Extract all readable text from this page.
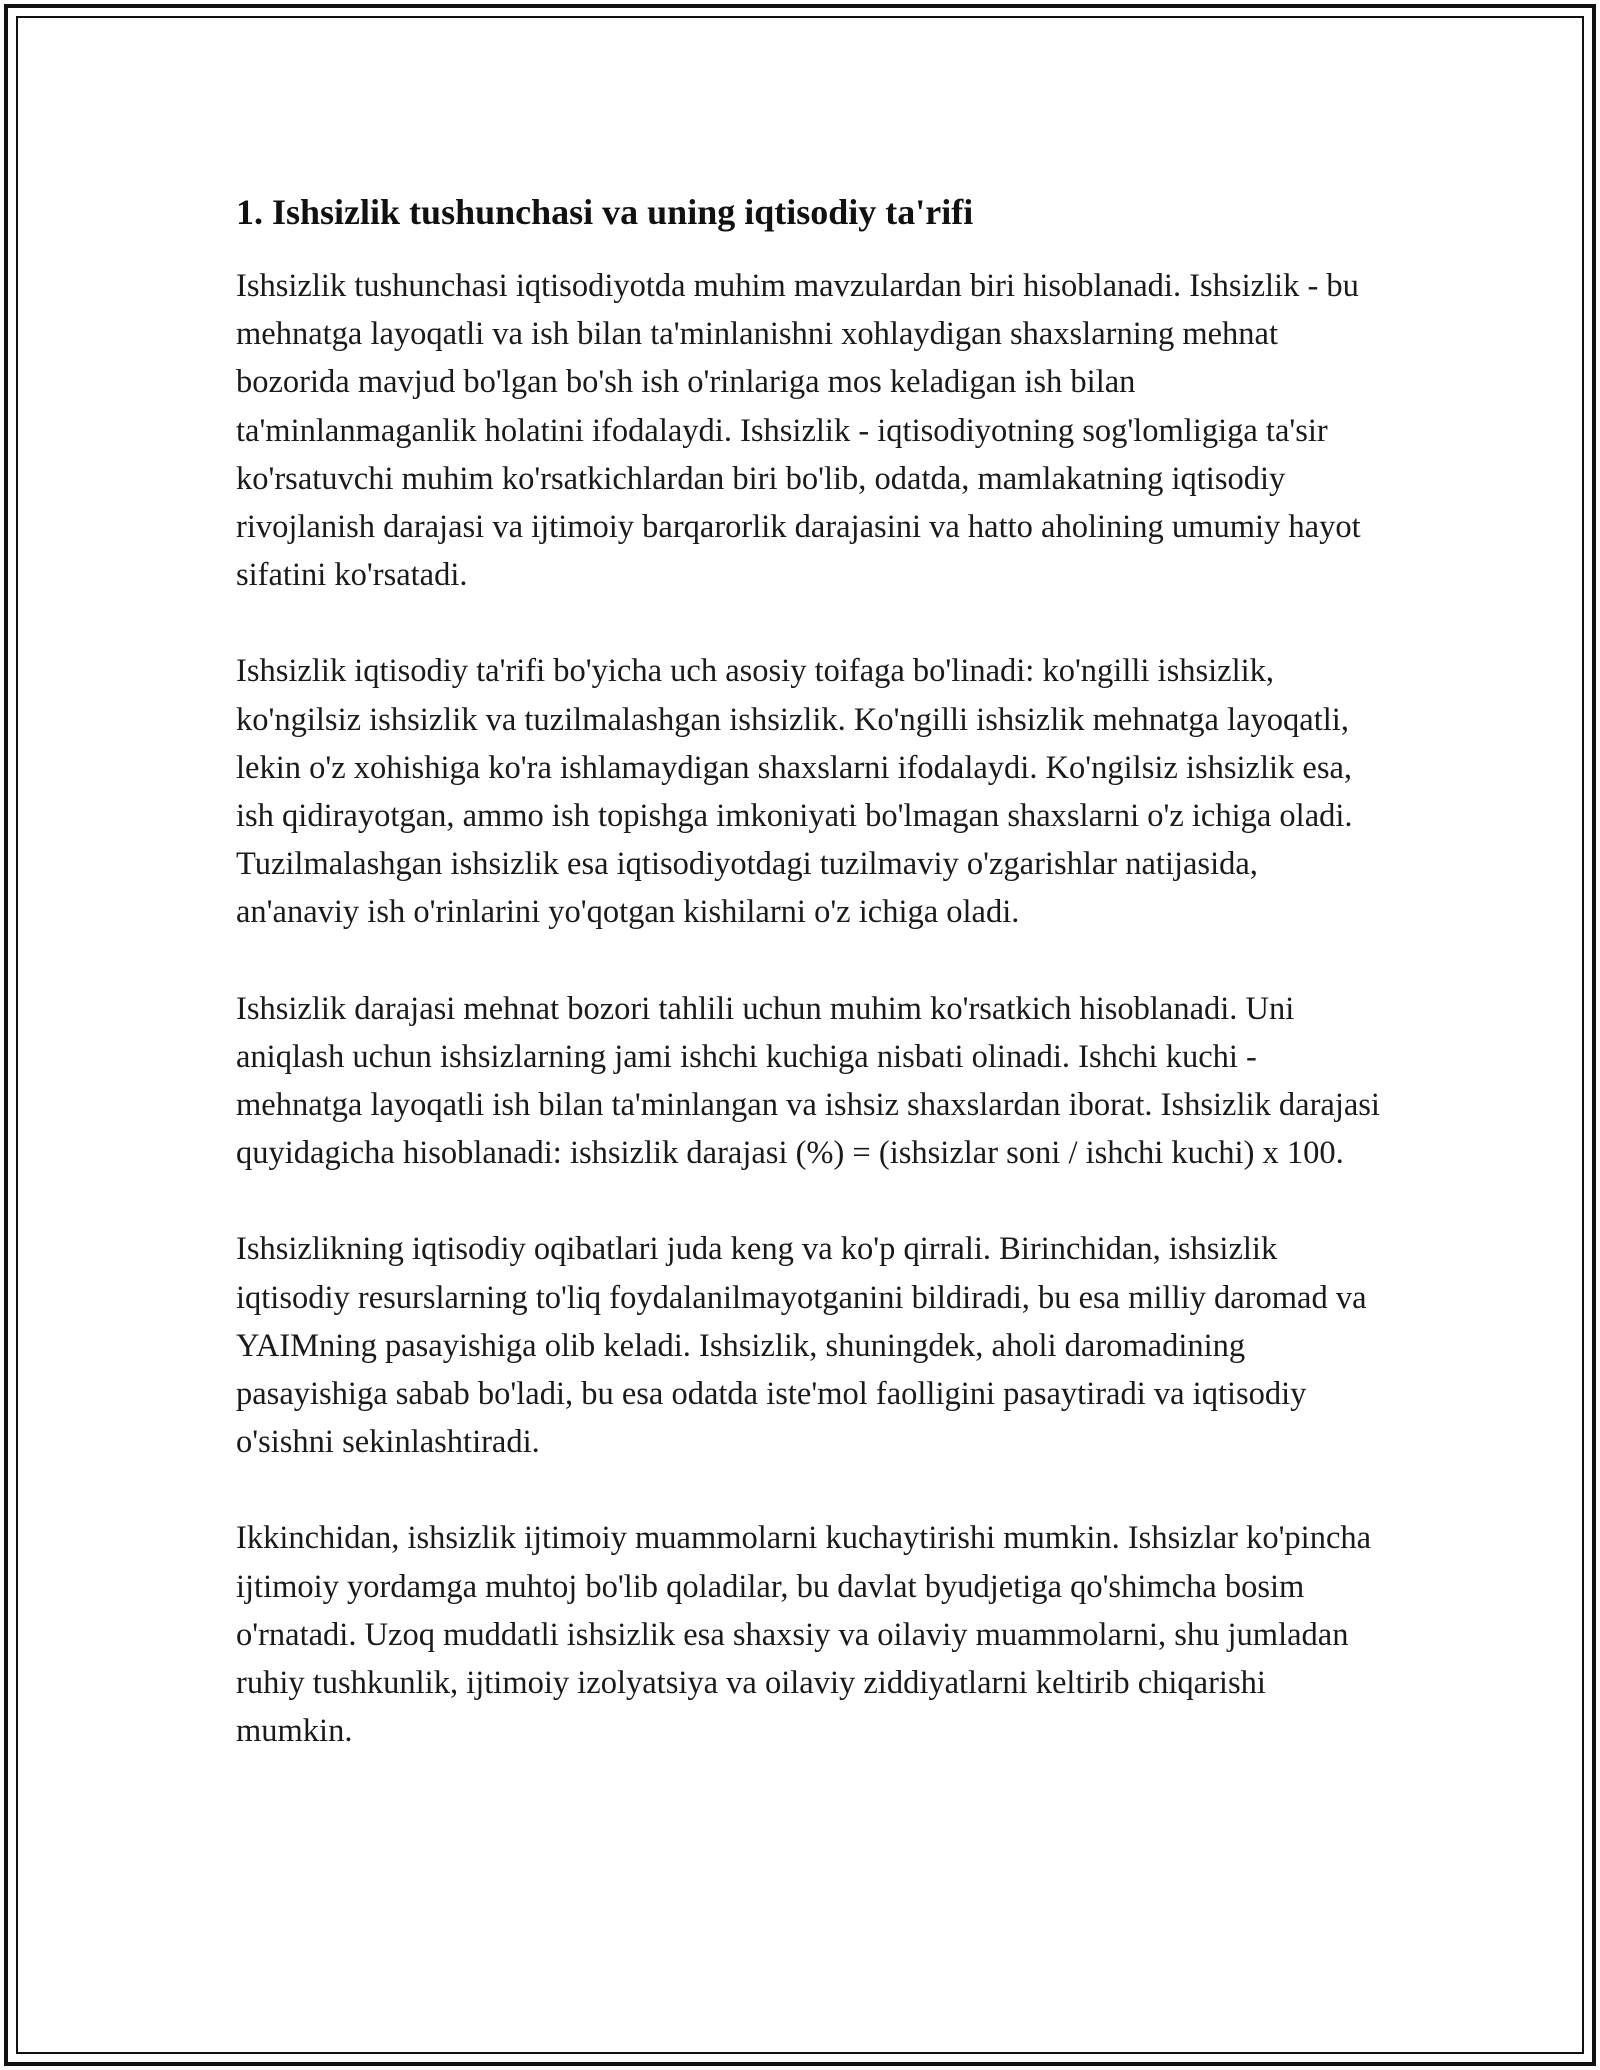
1. Ishsizlik tushunchasi va uning iqtisodiy ta'rifi

Ishsizlik tushunchasi iqtisodiyotda muhim mavzulardan biri hisoblanadi. Ishsizlik - bu mehnatga layoqatli va ish bilan ta'minlanishni xohlaydigan shaxslarning mehnat bozorida mavjud bo'lgan bo'sh ish o'rinlariga mos keladigan ish bilan ta'minlanmaganlik holatini ifodalaydi. Ishsizlik - iqtisodiyotning sog'lomligiga ta'sir ko'rsatuvchi muhim ko'rsatkichlardan biri bo'lib, odatda, mamlakatning iqtisodiy rivojlanish darajasi va ijtimoiy barqarorlik darajasini va hatto aholining umumiy hayot sifatini ko'rsatadi.

Ishsizlik iqtisodiy ta'rifi bo'yicha uch asosiy toifaga bo'linadi: ko'ngilli ishsizlik, ko'ngilsiz ishsizlik va tuzilmalashgan ishsizlik. Ko'ngilli ishsizlik mehnatga layoqatli, lekin o'z xohishiga ko'ra ishlamaydigan shaxslarni ifodalaydi. Ko'ngilsiz ishsizlik esa, ish qidirayotgan, ammo ish topishga imkoniyati bo'lmagan shaxslarni o'z ichiga oladi. Tuzilmalashgan ishsizlik esa iqtisodiyotdagi tuzilmaviy o'zgarishlar natijasida, an'anaviy ish o'rinlarini yo'qotgan kishilarni o'z ichiga oladi.

Ishsizlik darajasi mehnat bozori tahlili uchun muhim ko'rsatkich hisoblanadi. Uni aniqlash uchun ishsizlarning jami ishchi kuchiga nisbati olinadi. Ishchi kuchi - mehnatga layoqatli ish bilan ta'minlangan va ishsiz shaxslardan iborat. Ishsizlik darajasi quyidagicha hisoblanadi: ishsizlik darajasi (%) = (ishsizlar soni / ishchi kuchi) x 100.

Ishsizlikning iqtisodiy oqibatlari juda keng va ko'p qirrali. Birinchidan, ishsizlik iqtisodiy resurslarning to'liq foydalanilmayotganini bildiradi, bu esa milliy daromad va YAIMning pasayishiga olib keladi. Ishsizlik, shuningdek, aholi daromadining pasayishiga sabab bo'ladi, bu esa odatda iste'mol faolligini pasaytiradi va iqtisodiy o'sishni sekinlashtiradi.

Ikkinchidan, ishsizlik ijtimoiy muammolarni kuchaytirishi mumkin. Ishsizlar ko'pincha ijtimoiy yordamga muhtoj bo'lib qoladilar, bu davlat byudjetiga qo'shimcha bosim o'rnatadi. Uzoq muddatli ishsizlik esa shaxsiy va oilaviy muammolarni, shu jumladan ruhiy tushkunlik, ijtimoiy izolyatsiya va oilaviy ziddiyatlarni keltirib chiqarishi mumkin.
